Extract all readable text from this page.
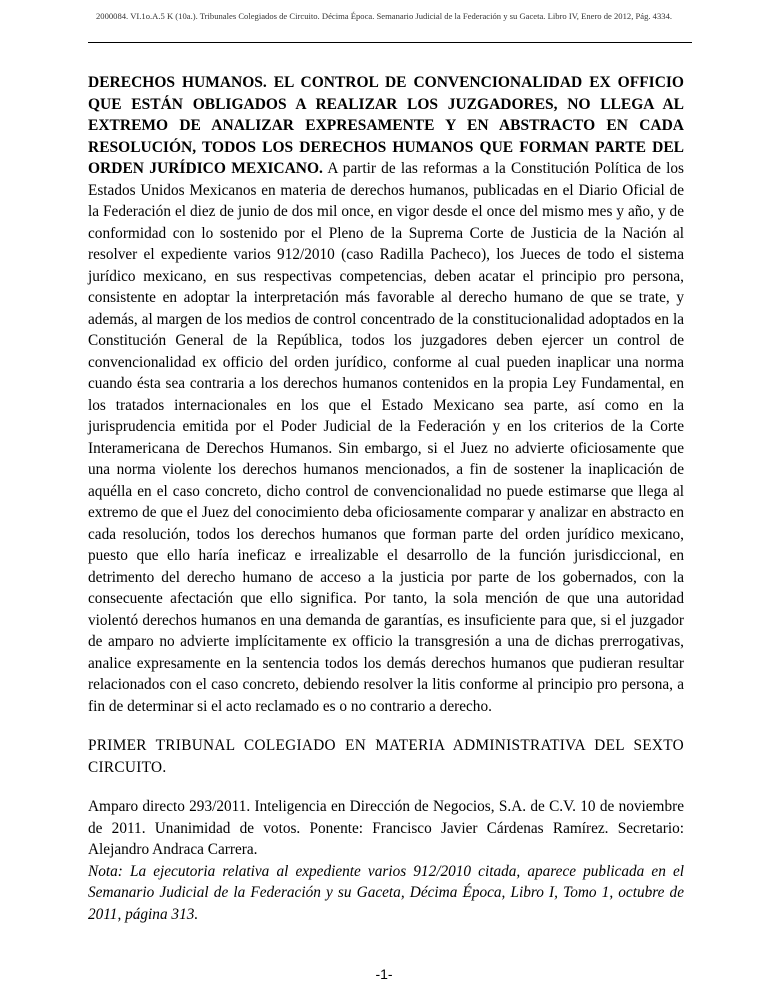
2000084. VI.1o.A.5 K (10a.). Tribunales Colegiados de Circuito. Décima Época. Semanario Judicial de la Federación y su Gaceta. Libro IV, Enero de 2012, Pág. 4334.

DERECHOS HUMANOS. EL CONTROL DE CONVENCIONALIDAD EX OFFICIO QUE ESTÁN OBLIGADOS A REALIZAR LOS JUZGADORES, NO LLEGA AL EXTREMO DE ANALIZAR EXPRESAMENTE Y EN ABSTRACTO EN CADA RESOLUCIÓN, TODOS LOS DERECHOS HUMANOS QUE FORMAN PARTE DEL ORDEN JURÍDICO MEXICANO. A partir de las reformas a la Constitución Política de los Estados Unidos Mexicanos en materia de derechos humanos, publicadas en el Diario Oficial de la Federación el diez de junio de dos mil once, en vigor desde el once del mismo mes y año, y de conformidad con lo sostenido por el Pleno de la Suprema Corte de Justicia de la Nación al resolver el expediente varios 912/2010 (caso Radilla Pacheco), los Jueces de todo el sistema jurídico mexicano, en sus respectivas competencias, deben acatar el principio pro persona, consistente en adoptar la interpretación más favorable al derecho humano de que se trate, y además, al margen de los medios de control concentrado de la constitucionalidad adoptados en la Constitución General de la República, todos los juzgadores deben ejercer un control de convencionalidad ex officio del orden jurídico, conforme al cual pueden inaplicar una norma cuando ésta sea contraria a los derechos humanos contenidos en la propia Ley Fundamental, en los tratados internacionales en los que el Estado Mexicano sea parte, así como en la jurisprudencia emitida por el Poder Judicial de la Federación y en los criterios de la Corte Interamericana de Derechos Humanos. Sin embargo, si el Juez no advierte oficiosamente que una norma violente los derechos humanos mencionados, a fin de sostener la inaplicación de aquélla en el caso concreto, dicho control de convencionalidad no puede estimarse que llega al extremo de que el Juez del conocimiento deba oficiosamente comparar y analizar en abstracto en cada resolución, todos los derechos humanos que forman parte del orden jurídico mexicano, puesto que ello haría ineficaz e irrealizable el desarrollo de la función jurisdiccional, en detrimento del derecho humano de acceso a la justicia por parte de los gobernados, con la consecuente afectación que ello significa. Por tanto, la sola mención de que una autoridad violentó derechos humanos en una demanda de garantías, es insuficiente para que, si el juzgador de amparo no advierte implícitamente ex officio la transgresión a una de dichas prerrogativas, analice expresamente en la sentencia todos los demás derechos humanos que pudieran resultar relacionados con el caso concreto, debiendo resolver la litis conforme al principio pro persona, a fin de determinar si el acto reclamado es o no contrario a derecho.

PRIMER TRIBUNAL COLEGIADO EN MATERIA ADMINISTRATIVA DEL SEXTO CIRCUITO.

Amparo directo 293/2011. Inteligencia en Dirección de Negocios, S.A. de C.V. 10 de noviembre de 2011. Unanimidad de votos. Ponente: Francisco Javier Cárdenas Ramírez. Secretario: Alejandro Andraca Carrera.

Nota: La ejecutoria relativa al expediente varios 912/2010 citada, aparece publicada en el Semanario Judicial de la Federación y su Gaceta, Décima Época, Libro I, Tomo 1, octubre de 2011, página 313.

-1-
